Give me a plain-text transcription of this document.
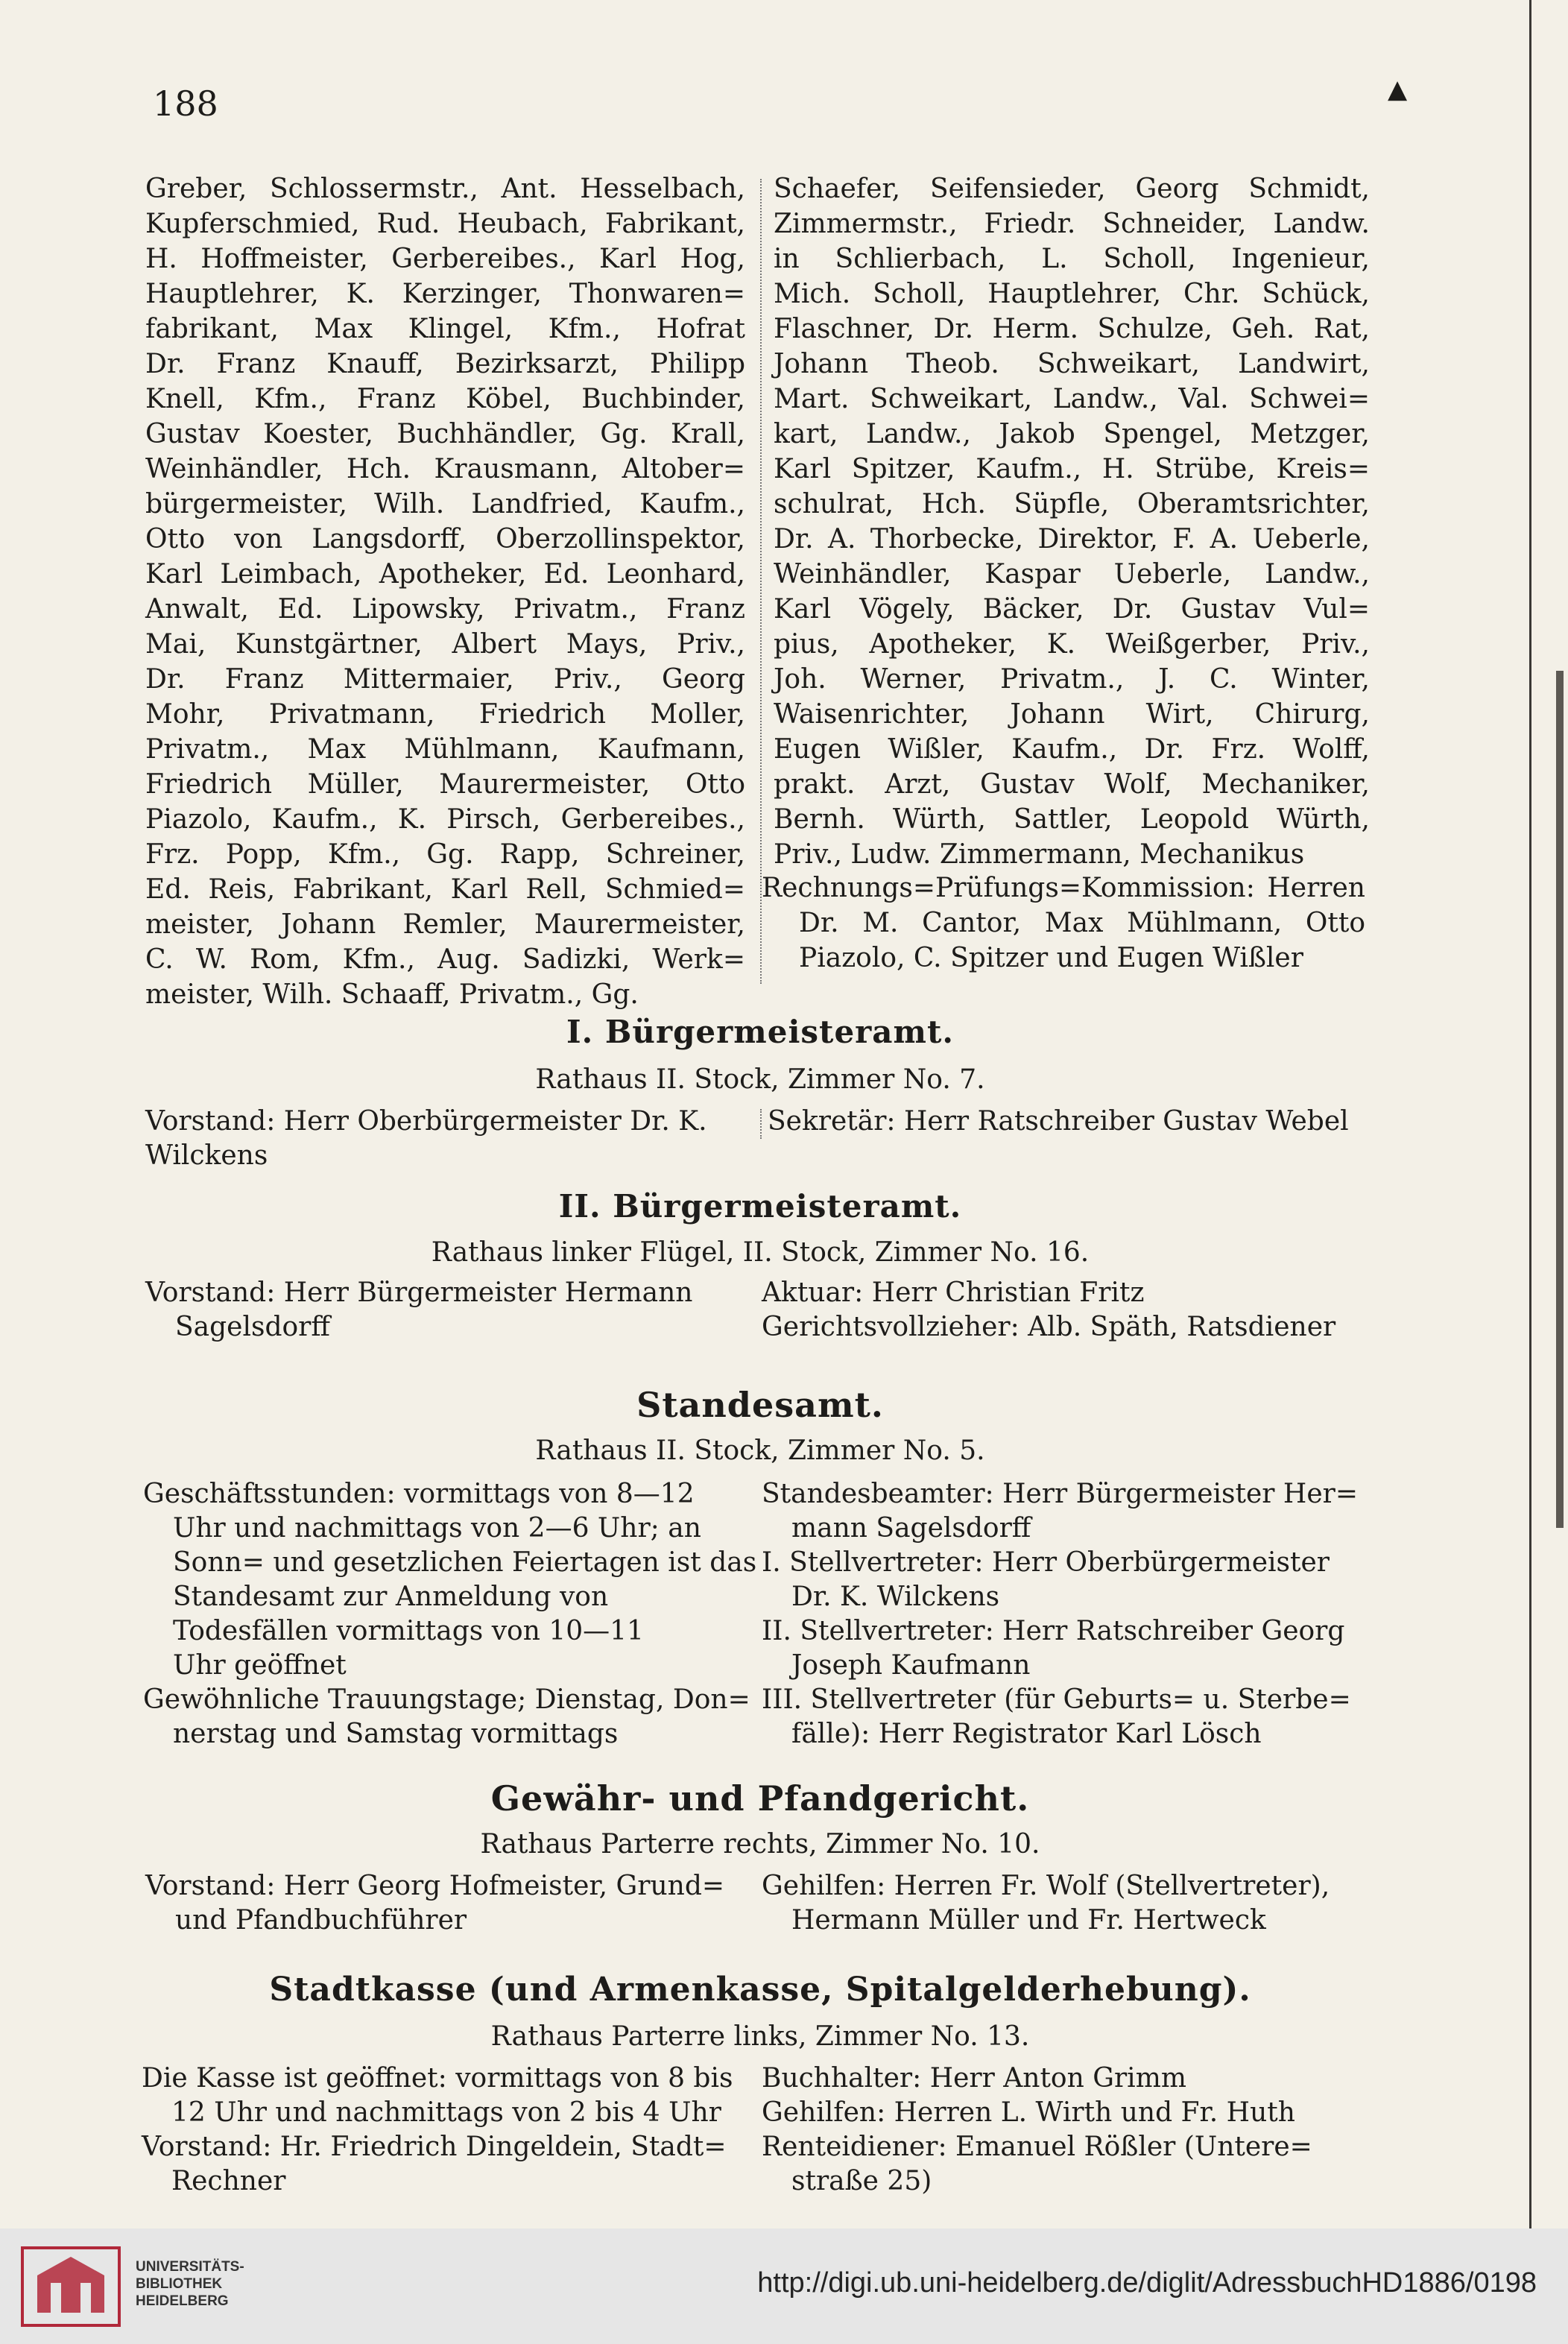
188	▲
Greber, Schlossermstr., Ant. Hesselbach,
Kupferschmied, Rud. Heubach, Fabrikant,
H. Hoffmeister, Gerbereibes., Karl Hog,
Hauptlehrer, K. Kerzinger, Thonwaren=
fabrikant, Max Klingel, Kfm., Hofrat
Dr. Franz Knauff, Bezirksarzt, Philipp
Knell, Kfm., Franz Köbel, Buchbinder,
Gustav Koester, Buchhändler, Gg. Krall,
Weinhändler, Hch. Krausmann, Altober=
bürgermeister, Wilh. Landfried, Kaufm.,
Otto von Langsdorff, Oberzollinspektor,
Karl Leimbach, Apotheker, Ed. Leonhard,
Anwalt, Ed. Lipowsky, Privatm., Franz
Mai, Kunstgärtner, Albert Mays, Priv.,
Dr. Franz Mittermaier, Priv., Georg
Mohr, Privatmann, Friedrich Moller,
Privatm., Max Mühlmann, Kaufmann,
Friedrich Müller, Maurermeister, Otto
Piazolo, Kaufm., K. Pirsch, Gerbereibes.,
Frz. Popp, Kfm., Gg. Rapp, Schreiner,
Ed. Reis, Fabrikant, Karl Rell, Schmied=
meister, Johann Remler, Maurermeister,
C. W. Rom, Kfm., Aug. Sadizki, Werk=
meister, Wilh. Schaaff, Privatm., Gg.
Schaefer, Seifensieder, Georg Schmidt,
Zimmermstr., Friedr. Schneider, Landw.
in Schlierbach, L. Scholl, Ingenieur,
Mich. Scholl, Hauptlehrer, Chr. Schück,
Flaschner, Dr. Herm. Schulze, Geh. Rat,
Johann Theob. Schweikart, Landwirt,
Mart. Schweikart, Landw., Val. Schwei=
kart, Landw., Jakob Spengel, Metzger,
Karl Spitzer, Kaufm., H. Strübe, Kreis=
schulrat, Hch. Süpfle, Oberamtsrichter,
Dr. A. Thorbecke, Direktor, F. A. Ueberle,
Weinhändler, Kaspar Ueberle, Landw.,
Karl Vögely, Bäcker, Dr. Gustav Vul=
pius, Apotheker, K. Weißgerber, Priv.,
Joh. Werner, Privatm., J. C. Winter,
Waisenrichter, Johann Wirt, Chirurg,
Eugen Wißler, Kaufm., Dr. Frz. Wolff,
prakt. Arzt, Gustav Wolf, Mechaniker,
Bernh. Würth, Sattler, Leopold Würth,
Priv., Ludw. Zimmermann, Mechanikus
Rechnungs=Prüfungs=Kommission: Herren
Dr. M. Cantor, Max Mühlmann, Otto
Piazolo, C. Spitzer und Eugen Wißler
I. Bürgermeisteramt.
Rathaus II. Stock, Zimmer No. 7.
Vorstand: Herr Oberbürgermeister Dr. K.
Wilckens
Sekretär: Herr Ratschreiber Gustav Webel
II. Bürgermeisteramt.
Rathaus linker Flügel, II. Stock, Zimmer No. 16.
Vorstand: Herr Bürgermeister Hermann
Sagelsdorff
Aktuar: Herr Christian Fritz
Gerichtsvollzieher: Alb. Späth, Ratsdiener
Standesamt.
Rathaus II. Stock, Zimmer No. 5.
Geschäftsstunden: vormittags von 8—12
Uhr und nachmittags von 2—6 Uhr; an
Sonn= und gesetzlichen Feiertagen ist das
Standesamt zur Anmeldung von
Todesfällen vormittags von 10—11
Uhr geöffnet
Gewöhnliche Trauungstage; Dienstag, Don=
nerstag und Samstag vormittags
Standesbeamter: Herr Bürgermeister Her=
mann Sagelsdorff
I. Stellvertreter: Herr Oberbürgermeister
Dr. K. Wilckens
II. Stellvertreter: Herr Ratschreiber Georg
Joseph Kaufmann
III. Stellvertreter (für Geburts= u. Sterbe=
fälle): Herr Registrator Karl Lösch
Gewähr- und Pfandgericht.
Rathaus Parterre rechts, Zimmer No. 10.
Vorstand: Herr Georg Hofmeister, Grund=
und Pfandbuchführer
Gehilfen: Herren Fr. Wolf (Stellvertreter),
Hermann Müller und Fr. Hertweck
Stadtkasse (und Armenkasse, Spitalgelderhebung).
Rathaus Parterre links, Zimmer No. 13.
Die Kasse ist geöffnet: vormittags von 8 bis
12 Uhr und nachmittags von 2 bis 4 Uhr
Vorstand: Hr. Friedrich Dingeldein, Stadt=
Rechner
Buchhalter: Herr Anton Grimm
Gehilfen: Herren L. Wirth und Fr. Huth
Renteidiener: Emanuel Rößler (Untere=
straße 25)
UNIVERSITÄTS-
BIBLIOTHEK
HEIDELBERG
http://digi.ub.uni-heidelberg.de/diglit/AdressbuchHD1886/0198
